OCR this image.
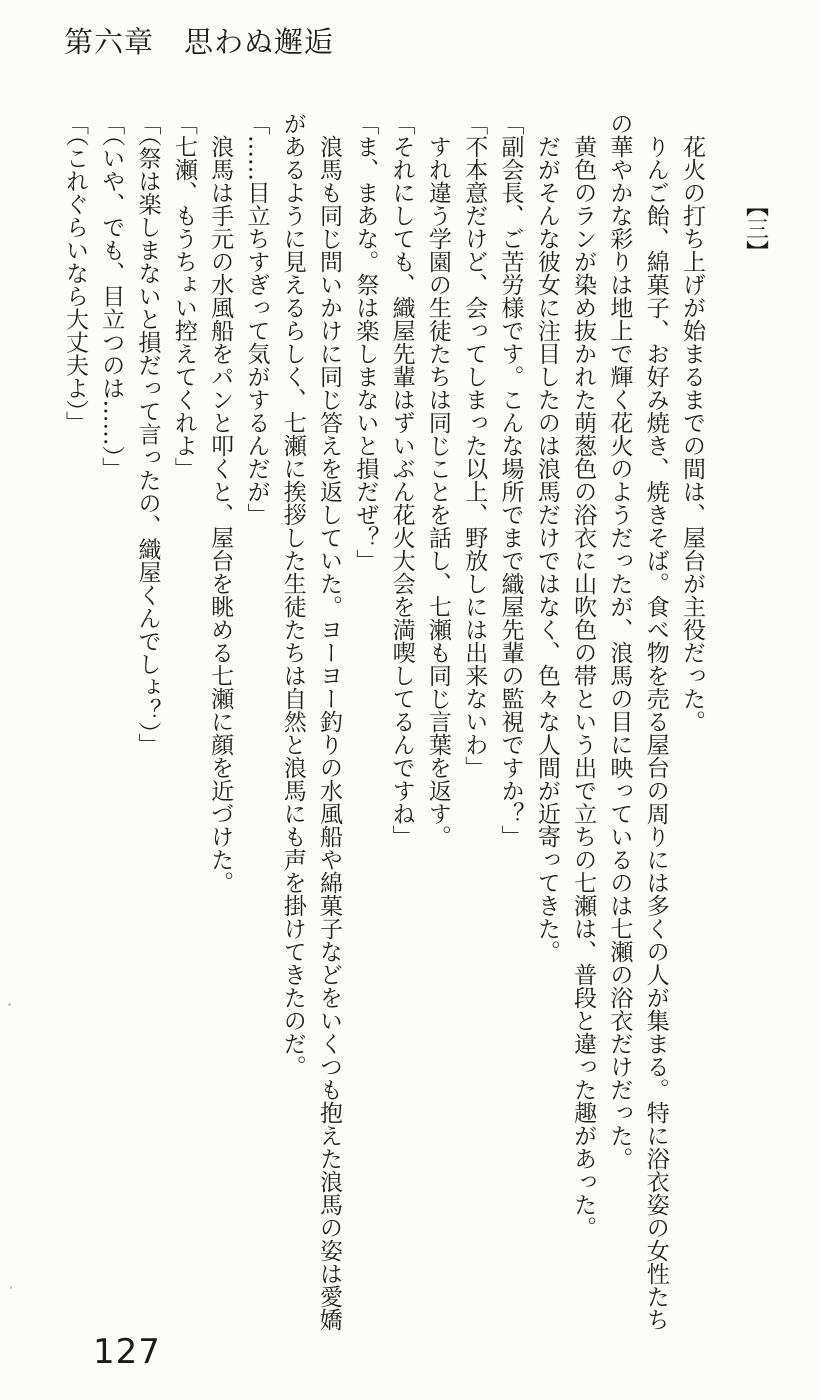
第六章　思わぬ邂逅
【三】
　花火の打ち上げが始まるまでの間は、屋台が主役だった。
　りんご飴、綿菓子、お好み焼き、焼きそば。食べ物を売る屋台の周りには多くの人が集まる。特に浴衣姿の女性たち
の華やかな彩りは地上で輝く花火のようだったが、浪馬の目に映っているのは七瀬の浴衣だけだった。
　黄色のランが染め抜かれた萌葱色の浴衣に山吹色の帯という出で立ちの七瀬は、普段と違った趣があった。
　だがそんな彼女に注目したのは浪馬だけではなく、色々な人間が近寄ってきた。
「副会長、ご苦労様です。こんな場所でまで織屋先輩の監視ですか？」
「不本意だけど、会ってしまった以上、野放しには出来ないわ」
　すれ違う学園の生徒たちは同じことを話し、七瀬も同じ言葉を返す。
「それにしても、織屋先輩はずいぶん花火大会を満喫してるんですね」
「ま、まあな。祭は楽しまないと損だぜ？」
　浪馬も同じ問いかけに同じ答えを返していた。ヨーヨー釣りの水風船や綿菓子などをいくつも抱えた浪馬の姿は愛嬌
があるように見えるらしく、七瀬に挨拶した生徒たちは自然と浪馬にも声を掛けてきたのだ。
「……目立ちすぎって気がするんだが」
　浪馬は手元の水風船をパンと叩くと、屋台を眺める七瀬に顔を近づけた。
「七瀬、もうちょい控えてくれよ」
「（祭は楽しまないと損だって言ったの、織屋くんでしょ？）」
「（いや、でも、目立つのは……）」
「（これぐらいなら大丈夫よ）」
127
